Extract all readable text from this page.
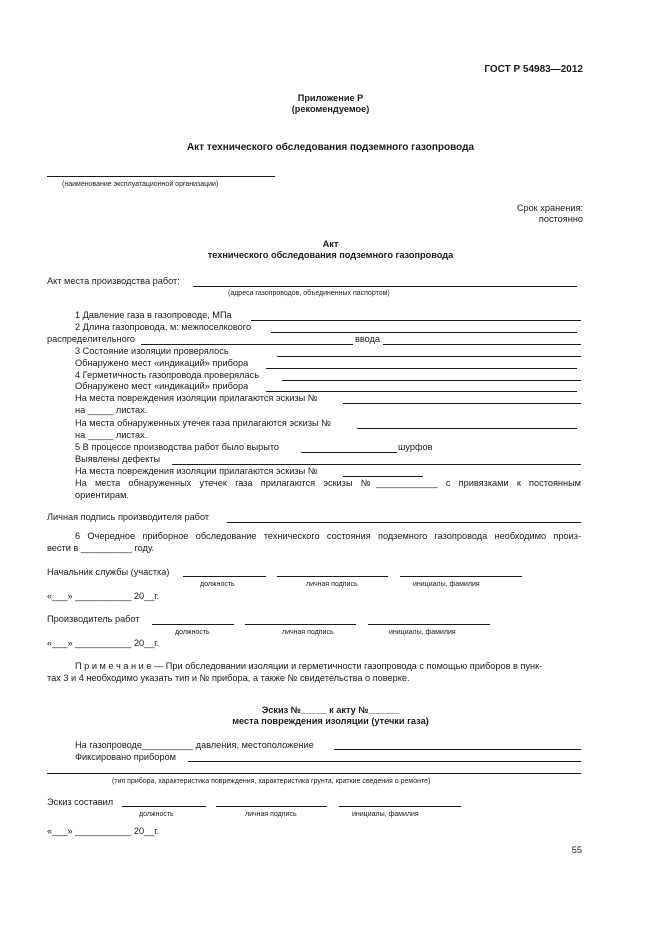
ГОСТ Р 54983—2012
Приложение Р
(рекомендуемое)
Акт технического обследования подземного газопровода
(наименование эксплуатационной организации)
Срок хранения:
постоянно
Акт
технического обследования подземного газопровода
Акт места производства работ:
(адреса газопроводов, объединенных паспортом)
1 Давление газа в газопроводе, МПа
2 Длина газопровода, м: межпоселкового
распределительного	ввода
3 Состояние изоляции проверялось
Обнаружено мест «индикаций» прибора
4 Герметичность газопровода проверялась
Обнаружено мест «индикаций» прибора
На места повреждения изоляции прилагаются эскизы №
на _____ листах.
На места обнаруженных утечек газа прилагаются эскизы №
на _____ листах.
5 В процессе производства работ было вырыто	шурфов
Выявлены дефекты
На места повреждения изоляции прилагаются эскизы №
На места обнаруженных утечек газа прилагаются эскизы №____________ с привязками к постоянным
ориентирам.
Личная подпись производителя работ
6 Очередное приборное обследование технического состояния подземного газопровода необходимо произ-
вести в __________ году.
Начальник службы (участка)
должность	личная подпись	инициалы, фамилия
«___» ___________ 20__г.
Производитель работ
должность	личная подпись	инициалы, фамилия
«___» ___________ 20__г.
П р и м е ч а н и е — При обследовании изоляции и герметичности газопровода с помощью приборов в пунк-
тах 3 и 4 необходимо указать тип и № прибора, а также № свидетельства о поверке.
Эскиз №_____ к акту №______
места повреждения изоляции (утечки газа)
На газопроводе__________ давления, местоположение
Фиксировано прибором
(тип прибора, характеристика повреждения, характеристика грунта, краткие сведения о ремонте)
Эскиз составил
должность	личная подпись	инициалы, фамилия
«___» ___________ 20__г.
55
